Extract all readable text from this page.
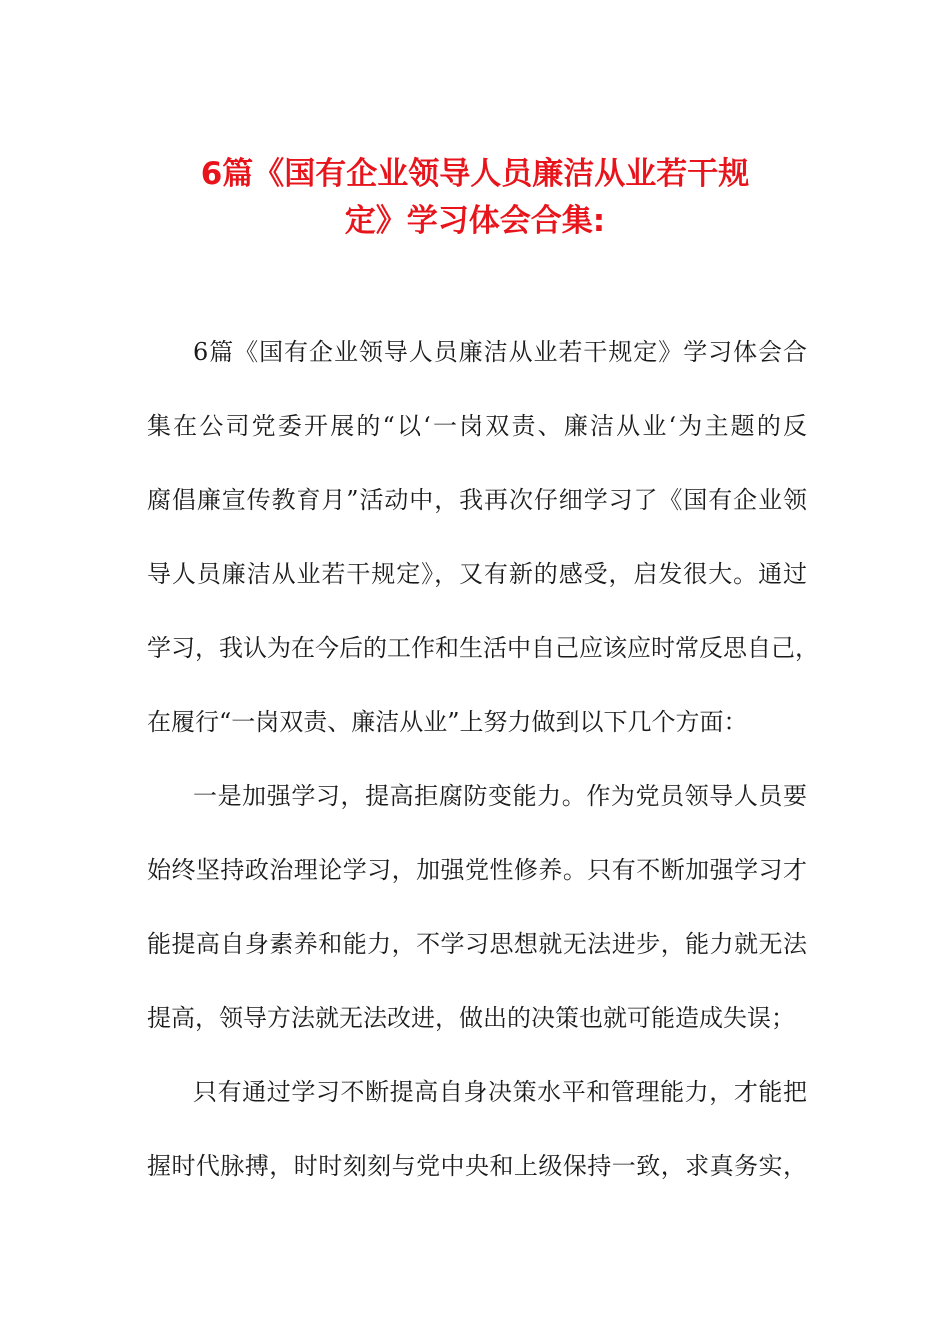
6篇《国有企业领导人员廉洁从业若干规
定》学习体会合集:
6篇《国有企业领导人员廉洁从业若干规定》学习体会合
集在公司党委开展的“以‘一岗双责、廉洁从业‘为主题的反
腐倡廉宣传教育月”活动中，我再次仔细学习了《国有企业领
导人员廉洁从业若干规定》，又有新的感受，启发很大。通过
学习，我认为在今后的工作和生活中自己应该应时常反思自己，
在履行“一岗双责、廉洁从业”上努力做到以下几个方面：
一是加强学习，提高拒腐防变能力。作为党员领导人员要
始终坚持政治理论学习，加强党性修养。只有不断加强学习才
能提高自身素养和能力，不学习思想就无法进步，能力就无法
提高，领导方法就无法改进，做出的决策也就可能造成失误；
只有通过学习不断提高自身决策水平和管理能力，才能把
握时代脉搏，时时刻刻与党中央和上级保持一致，求真务实，
